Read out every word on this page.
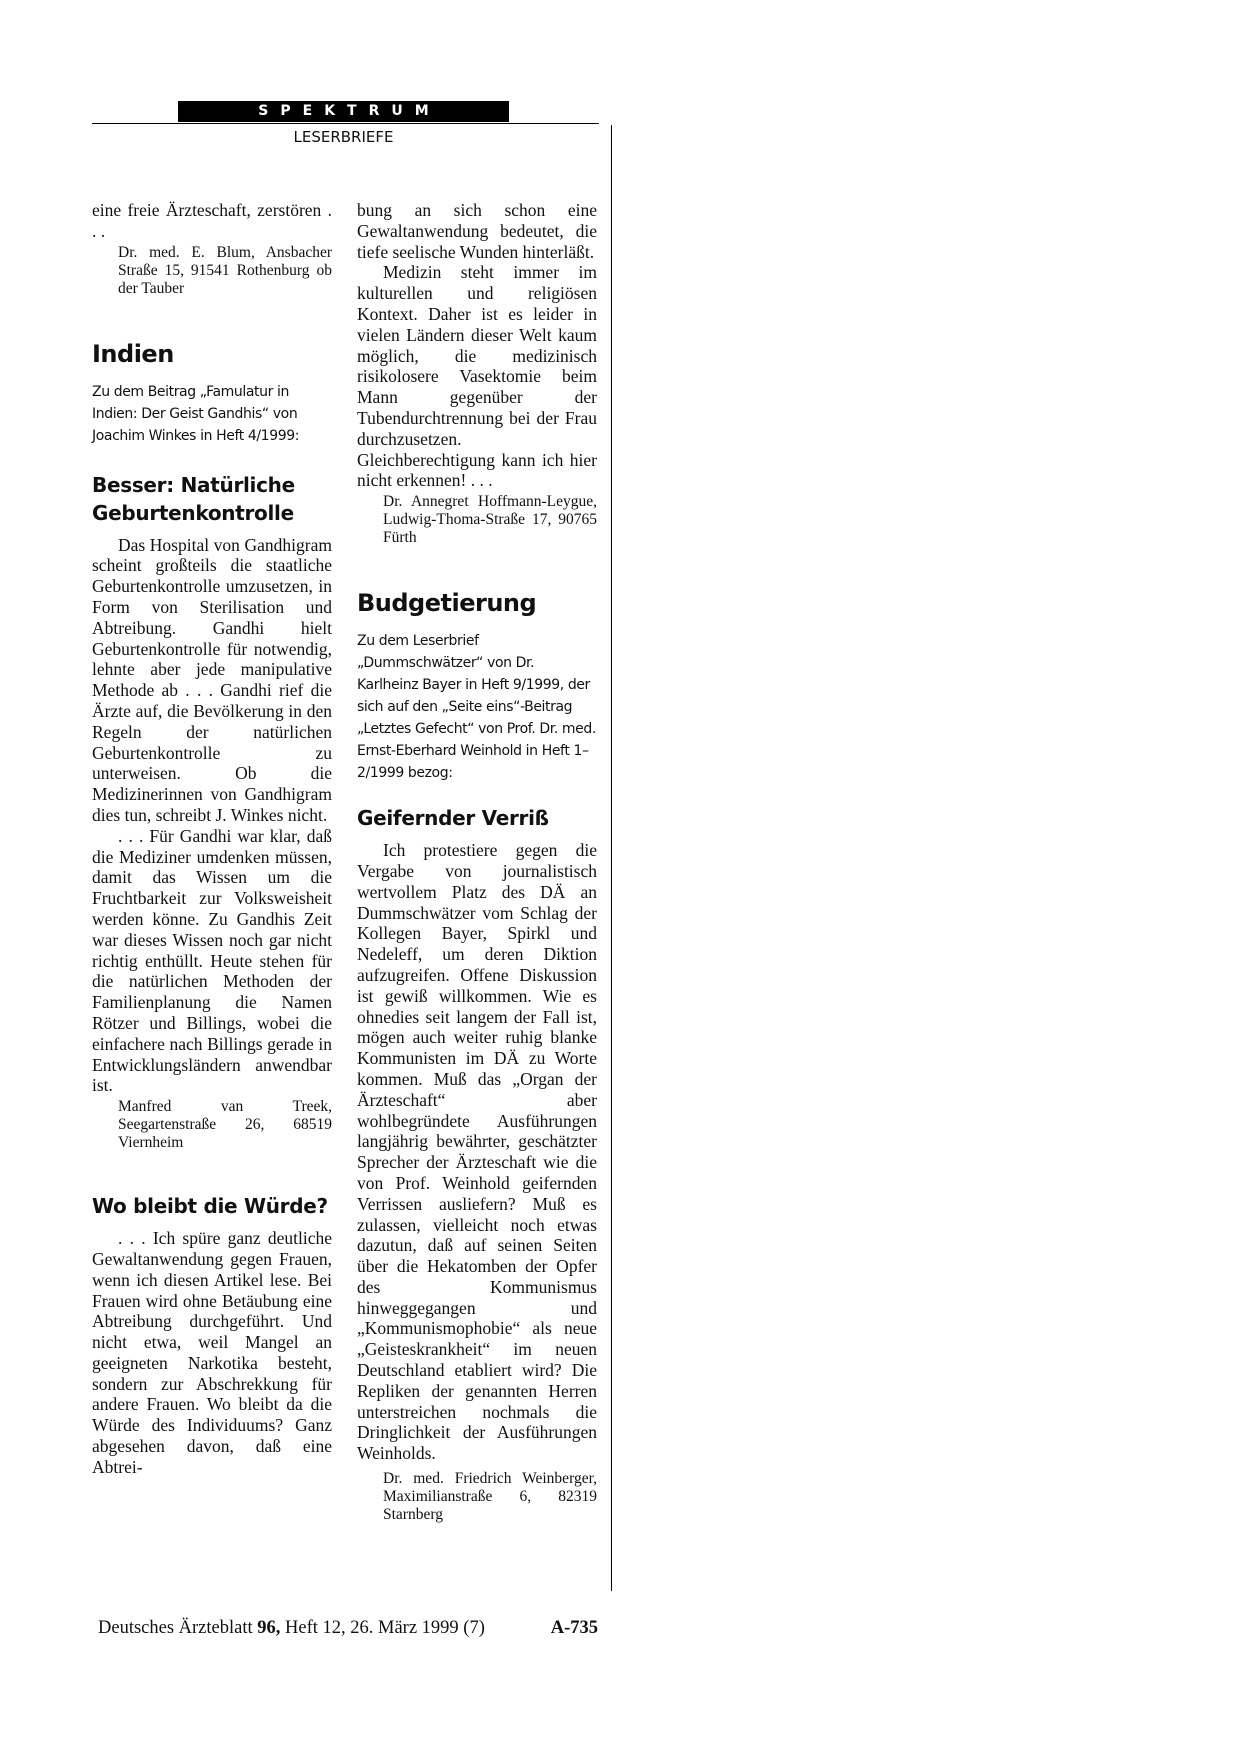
SPEKTRUM
LESERBRIEFE

eine freie Ärzteschaft, zerstören . . .

Dr. med. E. Blum, Ansbacher Straße 15, 91541 Rothenburg ob der Tauber

Indien

Zu dem Beitrag „Famulatur in Indien: Der Geist Gandhis“ von Joachim Winkes in Heft 4/1999:

Besser: Natürliche Geburtenkontrolle

Das Hospital von Gandhigram scheint großteils die staatliche Geburtenkontrolle umzusetzen, in Form von Sterilisation und Abtreibung. Gandhi hielt Geburtenkontrolle für notwendig, lehnte aber jede manipulative Methode ab . . . Gandhi rief die Ärzte auf, die Bevölkerung in den Regeln der natürlichen Geburtenkontrolle zu unterweisen. Ob die Medizinerinnen von Gandhigram dies tun, schreibt J. Winkes nicht.

. . . Für Gandhi war klar, daß die Mediziner umdenken müssen, damit das Wissen um die Fruchtbarkeit zur Volksweisheit werden könne. Zu Gandhis Zeit war dieses Wissen noch gar nicht richtig enthüllt. Heute stehen für die natürlichen Methoden der Familienplanung die Namen Rötzer und Billings, wobei die einfachere nach Billings gerade in Entwicklungsländern anwendbar ist.

Manfred van Treek, Seegartenstraße 26, 68519 Viernheim

Wo bleibt die Würde?

. . . Ich spüre ganz deutliche Gewaltanwendung gegen Frauen, wenn ich diesen Artikel lese. Bei Frauen wird ohne Betäubung eine Abtreibung durchgeführt. Und nicht etwa, weil Mangel an geeigneten Narkotika besteht, sondern zur Abschrekkung für andere Frauen. Wo bleibt da die Würde des Individuums? Ganz abgesehen davon, daß eine Abtrei-

bung an sich schon eine Gewaltanwendung bedeutet, die tiefe seelische Wunden hinterläßt.

Medizin steht immer im kulturellen und religiösen Kontext. Daher ist es leider in vielen Ländern dieser Welt kaum möglich, die medizinisch risikolosere Vasektomie beim Mann gegenüber der Tubendurchtrennung bei der Frau durchzusetzen. Gleichberechtigung kann ich hier nicht erkennen! . . .

Dr. Annegret Hoffmann-Leygue, Ludwig-Thoma-Straße 17, 90765 Fürth

Budgetierung

Zu dem Leserbrief „Dummschwätzer“ von Dr. Karlheinz Bayer in Heft 9/1999, der sich auf den „Seite eins“-Beitrag „Letztes Gefecht“ von Prof. Dr. med. Ernst-Eberhard Weinhold in Heft 1–2/1999 bezog:

Geifernder Verriß

Ich protestiere gegen die Vergabe von journalistisch wertvollem Platz des DÄ an Dummschwätzer vom Schlag der Kollegen Bayer, Spirkl und Nedeleff, um deren Diktion aufzugreifen. Offene Diskussion ist gewiß willkommen. Wie es ohnedies seit langem der Fall ist, mögen auch weiter ruhig blanke Kommunisten im DÄ zu Worte kommen. Muß das „Organ der Ärzteschaft“ aber wohlbegründete Ausführungen langjährig bewährter, geschätzter Sprecher der Ärzteschaft wie die von Prof. Weinhold geifernden Verrissen ausliefern? Muß es zulassen, vielleicht noch etwas dazutun, daß auf seinen Seiten über die Hekatomben der Opfer des Kommunismus hinweggegangen und „Kommunismophobie“ als neue „Geisteskrankheit“ im neuen Deutschland etabliert wird? Die Repliken der genannten Herren unterstreichen nochmals die Dringlichkeit der Ausführungen Weinholds.

Dr. med. Friedrich Weinberger, Maximilianstraße 6, 82319 Starnberg

Deutsches Ärzteblatt 96, Heft 12, 26. März 1999 (7)	A-735
